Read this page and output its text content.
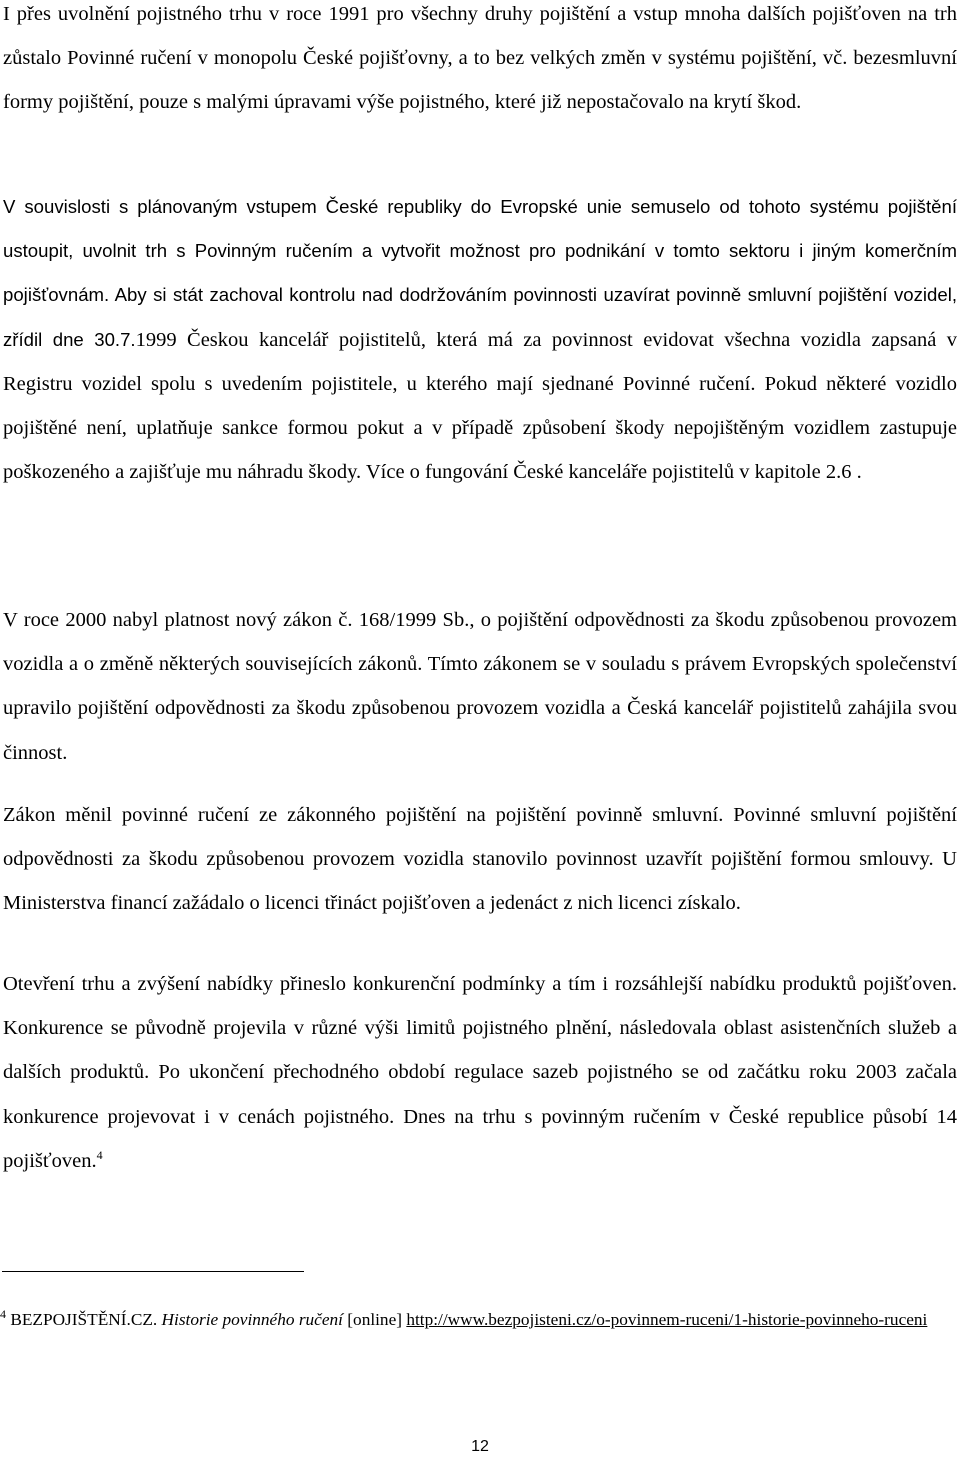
I přes uvolnění pojistného trhu v roce 1991 pro všechny druhy pojištění a vstup mnoha dalších pojišťoven na trh zůstalo Povinné ručení v monopolu České pojišťovny, a to bez velkých změn v systému pojištění, vč. bezesmluvní formy pojištění, pouze s malými úpravami výše pojistného, které již nepostačovalo na krytí škod.

V souvislosti s plánovaným vstupem České republiky do Evropské unie semuselo od tohoto systému pojištění ustoupit, uvolnit trh s Povinným ručením a vytvořit možnost pro podnikání v tomto sektoru i jiným komerčním pojišťovnám. Aby si stát zachoval kontrolu nad dodržováním povinnosti uzavírat povinně smluvní pojištění vozidel, zřídil dne 30.7.1999 Českou kancelář pojistitelů, která má za povinnost evidovat všechna vozidla zapsaná v Registru vozidel spolu s uvedením pojistitele, u kterého mají sjednané Povinné ručení. Pokud některé vozidlo pojištěné není, uplatňuje sankce formou pokut a v případě způsobení škody nepojištěným vozidlem zastupuje poškozeného a zajišťuje mu náhradu škody. Více o fungování České kanceláře pojistitelů v kapitole 2.6 .

V roce 2000 nabyl platnost nový zákon č. 168/1999 Sb., o pojištění odpovědnosti za škodu způsobenou provozem vozidla a o změně některých souvisejících zákonů. Tímto zákonem se v souladu s právem Evropských společenství upravilo pojištění odpovědnosti za škodu způsobenou provozem vozidla a Česká kancelář pojistitelů zahájila svou činnost.

Zákon měnil povinné ručení ze zákonného pojištění na pojištění povinně smluvní. Povinné smluvní pojištění odpovědnosti za škodu způsobenou provozem vozidla stanovilo povinnost uzavřít pojištění formou smlouvy. U Ministerstva financí zažádalo o licenci třináct pojišťoven a jedenáct z nich licenci získalo.

Otevření trhu a zvýšení nabídky přineslo konkurenční podmínky a tím i rozsáhlejší nabídku produktů pojišťoven. Konkurence se původně projevila v různé výši limitů pojistného plnění, následovala oblast asistenčních služeb a dalších produktů. Po ukončení přechodného období regulace sazeb pojistného se od začátku roku 2003 začala konkurence projevovat i v cenách pojistného. Dnes na trhu s povinným ručením v České republice působí 14 pojišťoven.$^4$

$^4$ BEZPOJIŠTĚNÍ.CZ. Historie povinného ručení [online] http://www.bezpojisteni.cz/o-povinnem-ruceni/1-historie-povinneho-ruceni

12
